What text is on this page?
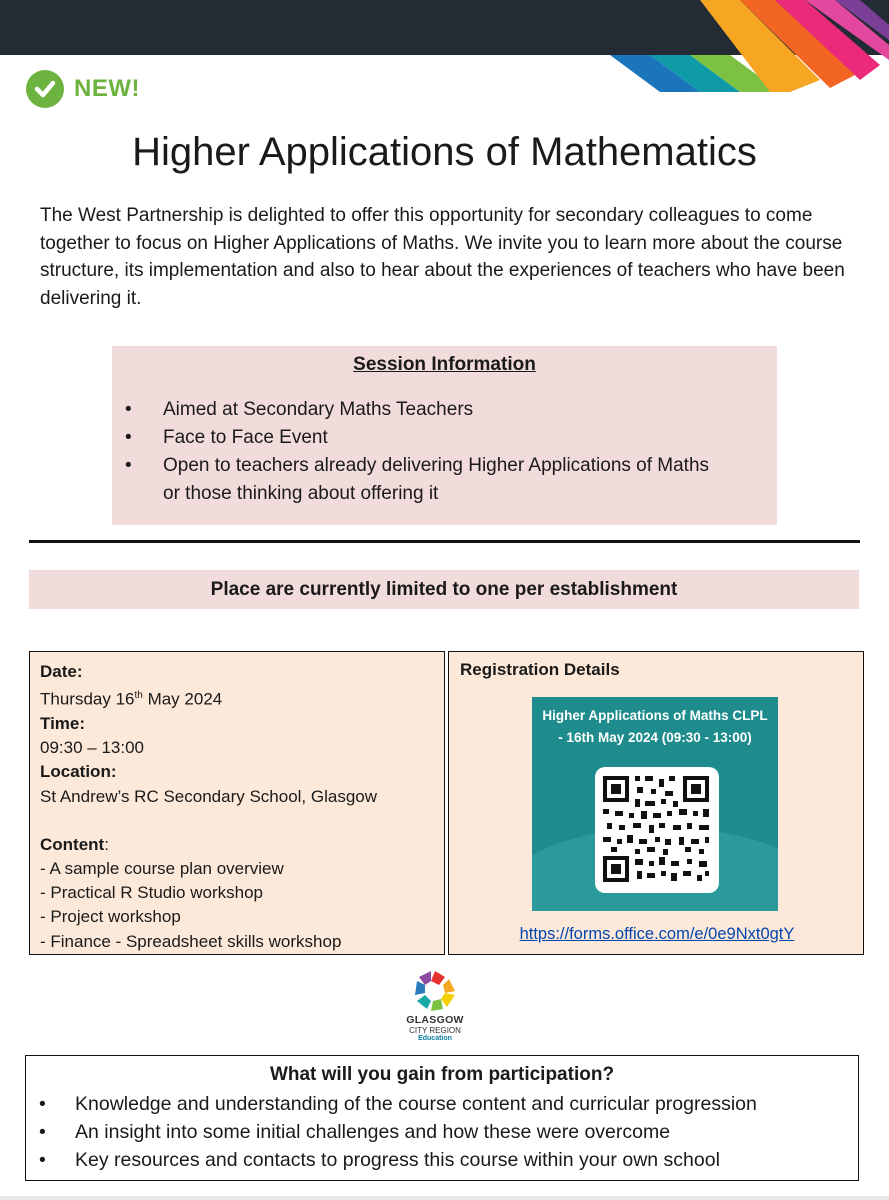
NEW!
Higher Applications of Mathematics

The West Partnership is delighted to offer this opportunity for secondary colleagues to come together to focus on Higher Applications of Maths. We invite you to learn more about the course structure, its implementation and also to hear about the experiences of teachers who have been delivering it.

Session Information

• Aimed at Secondary Maths Teachers
• Face to Face Event
• Open to teachers already delivering Higher Applications of Maths or those thinking about offering it
Place are currently limited to one per establishment
Date:
Thursday 16th May 2024
Time:
09:30 – 13:00
Location:
St Andrew’s RC Secondary School, Glasgow
Content:
- A sample course plan overview
- Practical R Studio workshop
- Project workshop
- Finance - Spreadsheet skills workshop
Registration Details
Higher Applications of Maths CLPL
- 16th May 2024 (09:30 - 13:00)
https://forms.office.com/e/0e9Nxt0gtY
GLASGOW
CITY REGION
Education

What will you gain from participation?

• Knowledge and understanding of the course content and curricular progression
• An insight into some initial challenges and how these were overcome
• Key resources and contacts to progress this course within your own school
